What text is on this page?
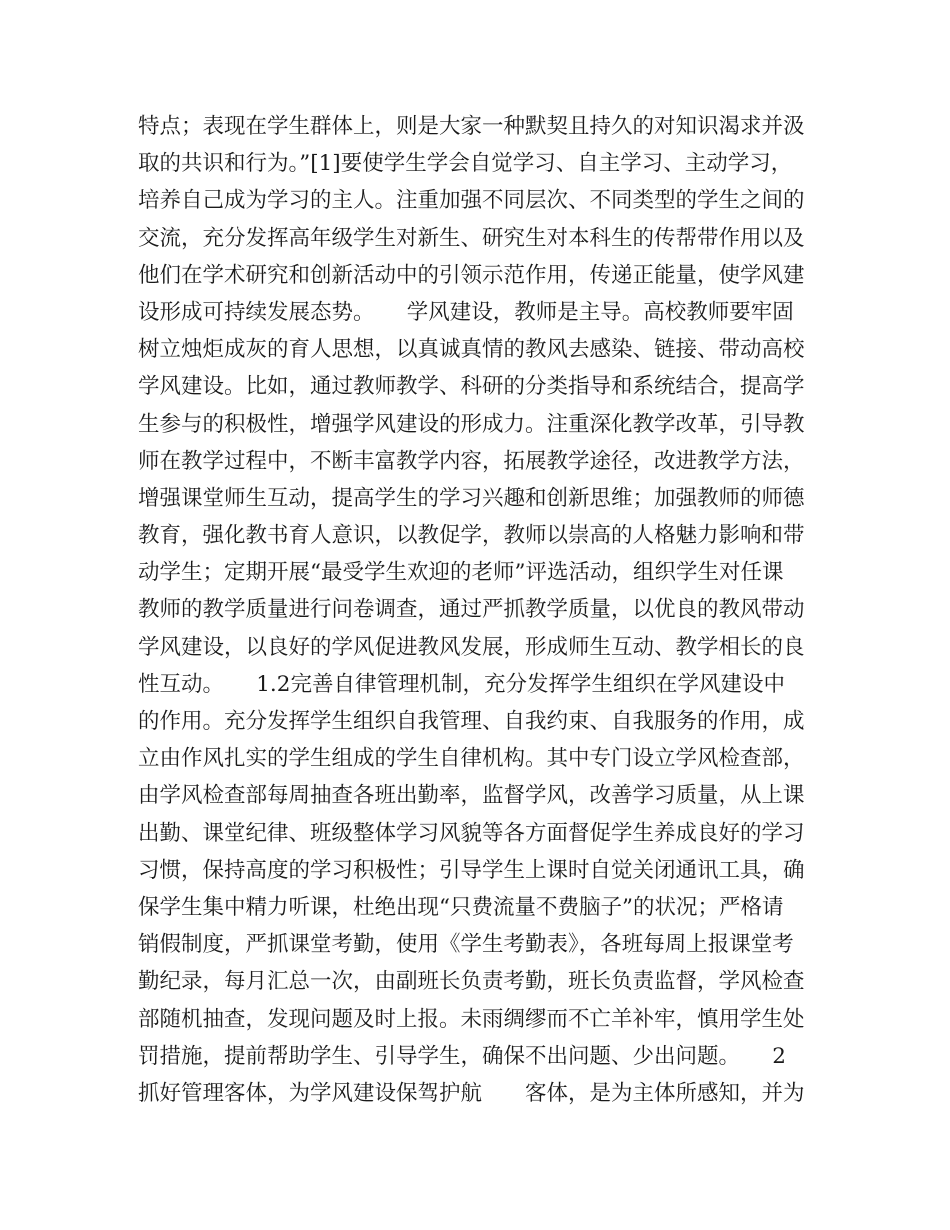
特点；表现在学生群体上，则是大家一种默契且持久的对知识渴求并汲
取的共识和行为。”[1]要使学生学会自觉学习、自主学习、主动学习，
培养自己成为学习的主人。注重加强不同层次、不同类型的学生之间的
交流，充分发挥高年级学生对新生、研究生对本科生的传帮带作用以及
他们在学术研究和创新活动中的引领示范作用，传递正能量，使学风建
设形成可持续发展态势。　　学风建设，教师是主导。高校教师要牢固
树立烛炬成灰的育人思想，以真诚真情的教风去感染、链接、带动高校
学风建设。比如，通过教师教学、科研的分类指导和系统结合，提高学
生参与的积极性，增强学风建设的形成力。注重深化教学改革，引导教
师在教学过程中，不断丰富教学内容，拓展教学途径，改进教学方法，
增强课堂师生互动，提高学生的学习兴趣和创新思维；加强教师的师德
教育，强化教书育人意识，以教促学，教师以崇高的人格魅力影响和带
动学生；定期开展“最受学生欢迎的老师”评选活动，组织学生对任课
教师的教学质量进行问卷调查，通过严抓教学质量，以优良的教风带动
学风建设，以良好的学风促进教风发展，形成师生互动、教学相长的良
性互动。　　1.2完善自律管理机制，充分发挥学生组织在学风建设中
的作用。充分发挥学生组织自我管理、自我约束、自我服务的作用，成
立由作风扎实的学生组成的学生自律机构。其中专门设立学风检查部，
由学风检查部每周抽查各班出勤率，监督学风，改善学习质量，从上课
出勤、课堂纪律、班级整体学习风貌等各方面督促学生养成良好的学习
习惯，保持高度的学习积极性；引导学生上课时自觉关闭通讯工具，确
保学生集中精力听课，杜绝出现“只费流量不费脑子”的状况；严格请
销假制度，严抓课堂考勤，使用《学生考勤表》，各班每周上报课堂考
勤纪录，每月汇总一次，由副班长负责考勤，班长负责监督，学风检查
部随机抽查，发现问题及时上报。未雨绸缪而不亡羊补牢，慎用学生处
罚措施，提前帮助学生、引导学生，确保不出问题、少出问题。　　2
抓好管理客体，为学风建设保驾护航　　客体，是为主体所感知，并为
